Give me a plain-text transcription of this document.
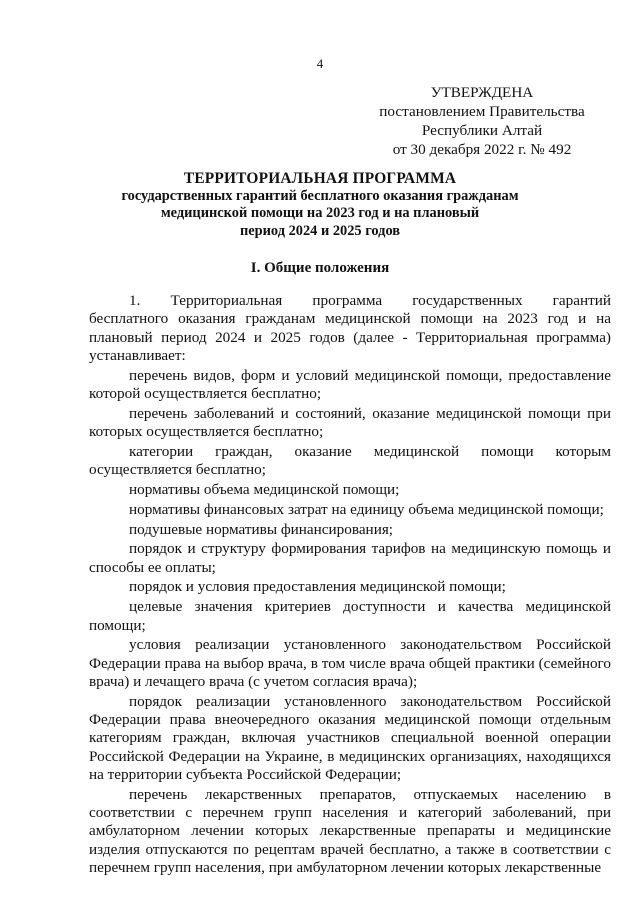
4
УТВЕРЖДЕНА
постановлением Правительства
Республики Алтай
от 30 декабря 2022 г. № 492
ТЕРРИТОРИАЛЬНАЯ ПРОГРАММА
государственных гарантий бесплатного оказания гражданам
медицинской помощи на 2023 год и на плановый
период 2024 и 2025 годов
I. Общие положения

1.      Территориальная      программа      государственных      гарантий бесплатного оказания гражданам медицинской помощи на 2023 год и на плановый период 2024 и 2025 годов (далее - Территориальная программа) устанавливает:

перечень видов, форм и условий медицинской помощи, предоставление которой осуществляется бесплатно;

перечень заболеваний и состояний, оказание медицинской помощи при которых осуществляется бесплатно;

категории граждан, оказание медицинской помощи которым осуществляется бесплатно;

нормативы объема медицинской помощи;

нормативы финансовых затрат на единицу объема медицинской помощи;

подушевые нормативы финансирования;

порядок и структуру формирования тарифов на медицинскую помощь и способы ее оплаты;

порядок и условия предоставления медицинской помощи;

целевые значения критериев доступности и качества медицинской помощи;

условия реализации установленного законодательством Российской Федерации права на выбор врача, в том числе врача общей практики (семейного врача) и лечащего врача (с учетом согласия врача);

порядок реализации установленного законодательством Российской Федерации права внеочередного оказания медицинской помощи отдельным категориям граждан, включая участников специальной военной операции Российской Федерации на Украине, в медицинских организациях, находящихся на территории субъекта Российской Федерации;

перечень лекарственных препаратов, отпускаемых населению в соответствии с перечнем групп населения и категорий заболеваний, при амбулаторном лечении которых лекарственные препараты и медицинские изделия отпускаются по рецептам врачей бесплатно, а также в соответствии с перечнем групп населения, при амбулаторном лечении которых лекарственные
